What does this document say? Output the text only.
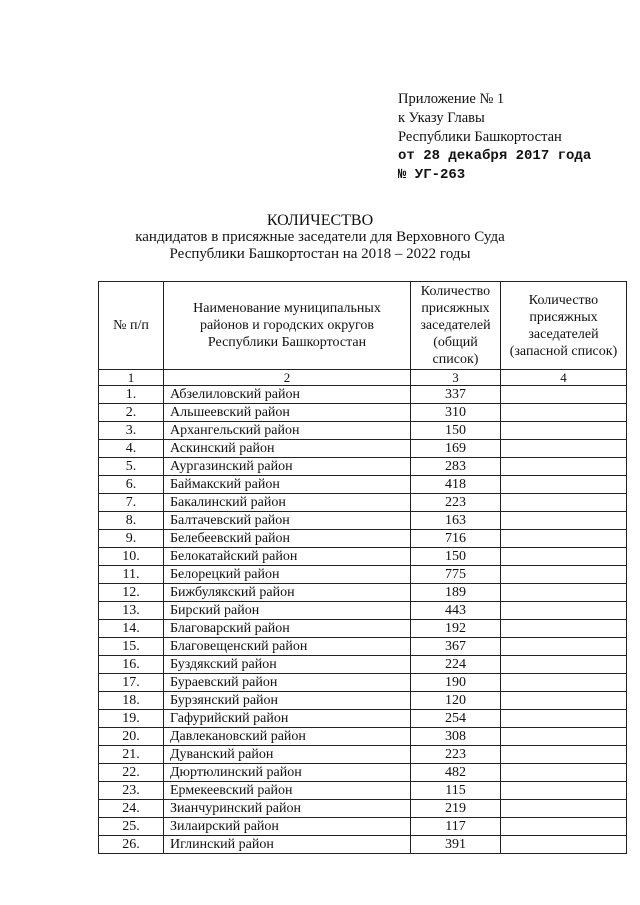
Приложение № 1
к Указу Главы
Республики Башкортостан
от 28 декабря 2017 года
№ УГ-263
КОЛИЧЕСТВО
кандидатов в присяжные заседатели для Верховного Суда
Республики Башкортостан на 2018 – 2022 годы
№ п/п	Наименование муниципальных районов и городских округов Республики Башкортостан	Количество присяжных заседателей (общий список)	Количество присяжных заседателей (запасной список)
1	2	3	4
1.	Абзелиловский район	337	
2.	Альшеевский район	310	
3.	Архангельский район	150	
4.	Аскинский район	169	
5.	Аургазинский район	283	
6.	Баймакский район	418	
7.	Бакалинский район	223	
8.	Балтачевский район	163	
9.	Белебеевский район	716	
10.	Белокатайский район	150	
11.	Белорецкий район	775	
12.	Бижбулякский район	189	
13.	Бирский район	443	
14.	Благоварский район	192	
15.	Благовещенский район	367	
16.	Буздякский район	224	
17.	Бураевский район	190	
18.	Бурзянский район	120	
19.	Гафурийский район	254	
20.	Давлекановский район	308	
21.	Дуванский район	223	
22.	Дюртюлинский район	482	
23.	Ермекеевский район	115	
24.	Зианчуринский район	219	
25.	Зилаирский район	117	
26.	Иглинский район	391	
